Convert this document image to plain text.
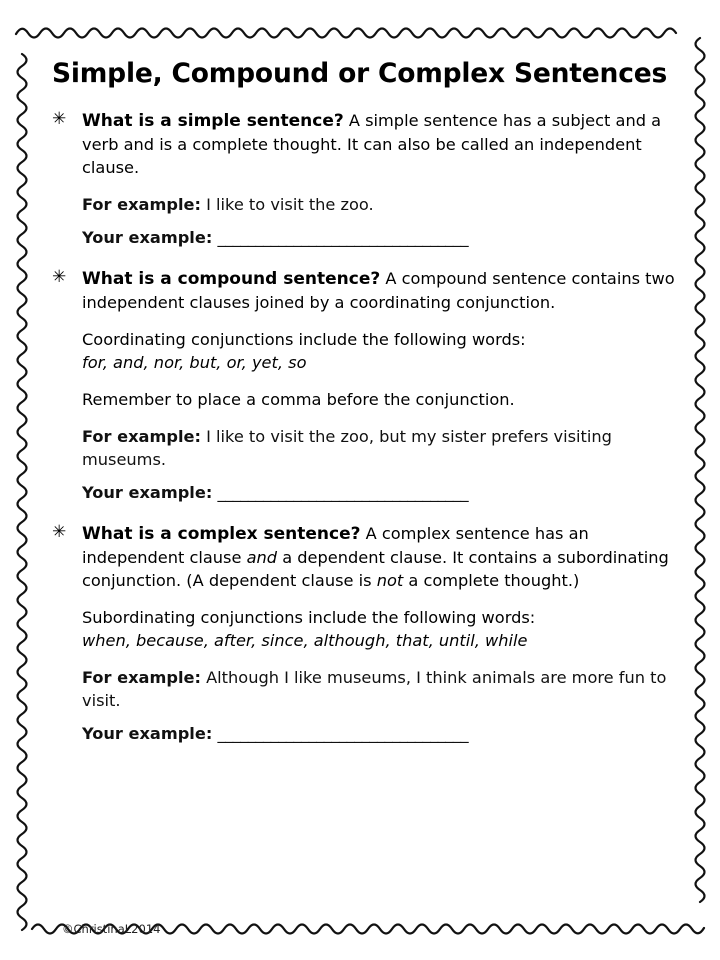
Simple, Compound or Complex Sentences
✳ What is a simple sentence? A simple sentence has a subject and a verb and is a complete thought. It can also be called an independent clause.

For example: I like to visit the zoo.

Your example: _________________________________

✳ What is a compound sentence? A compound sentence contains two independent clauses joined by a coordinating conjunction.

Coordinating conjunctions include the following words:
for, and, nor, but, or, yet, so

Remember to place a comma before the conjunction.

For example: I like to visit the zoo, but my sister prefers visiting museums.

Your example: _________________________________

✳ What is a complex sentence? A complex sentence has an independent clause and a dependent clause. It contains a subordinating conjunction. (A dependent clause is not a complete thought.)

Subordinating conjunctions include the following words:
when, because, after, since, although, that, until, while

For example: Although I like museums, I think animals are more fun to visit.

Your example: _________________________________

©ChristinaL2014
